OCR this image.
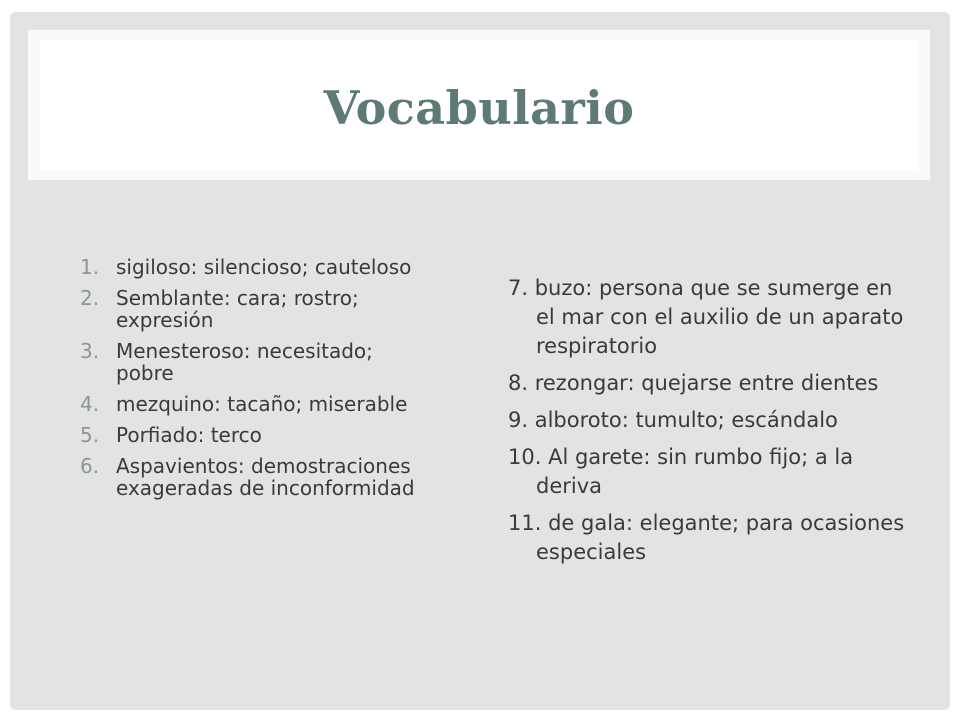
Vocabulario
1. sigiloso: silencioso; cauteloso
2. Semblante: cara; rostro; expresión
3. Menesteroso: necesitado; pobre
4. mezquino: tacaño; miserable
5. Porfiado: terco
6. Aspavientos: demostraciones exageradas de inconformidad
7. buzo: persona que se sumerge en el mar con el auxilio de un aparato respiratorio
8. rezongar: quejarse entre dientes
9. alboroto: tumulto; escándalo
10. Al garete: sin rumbo fijo; a la deriva
11. de gala: elegante; para ocasiones especiales
